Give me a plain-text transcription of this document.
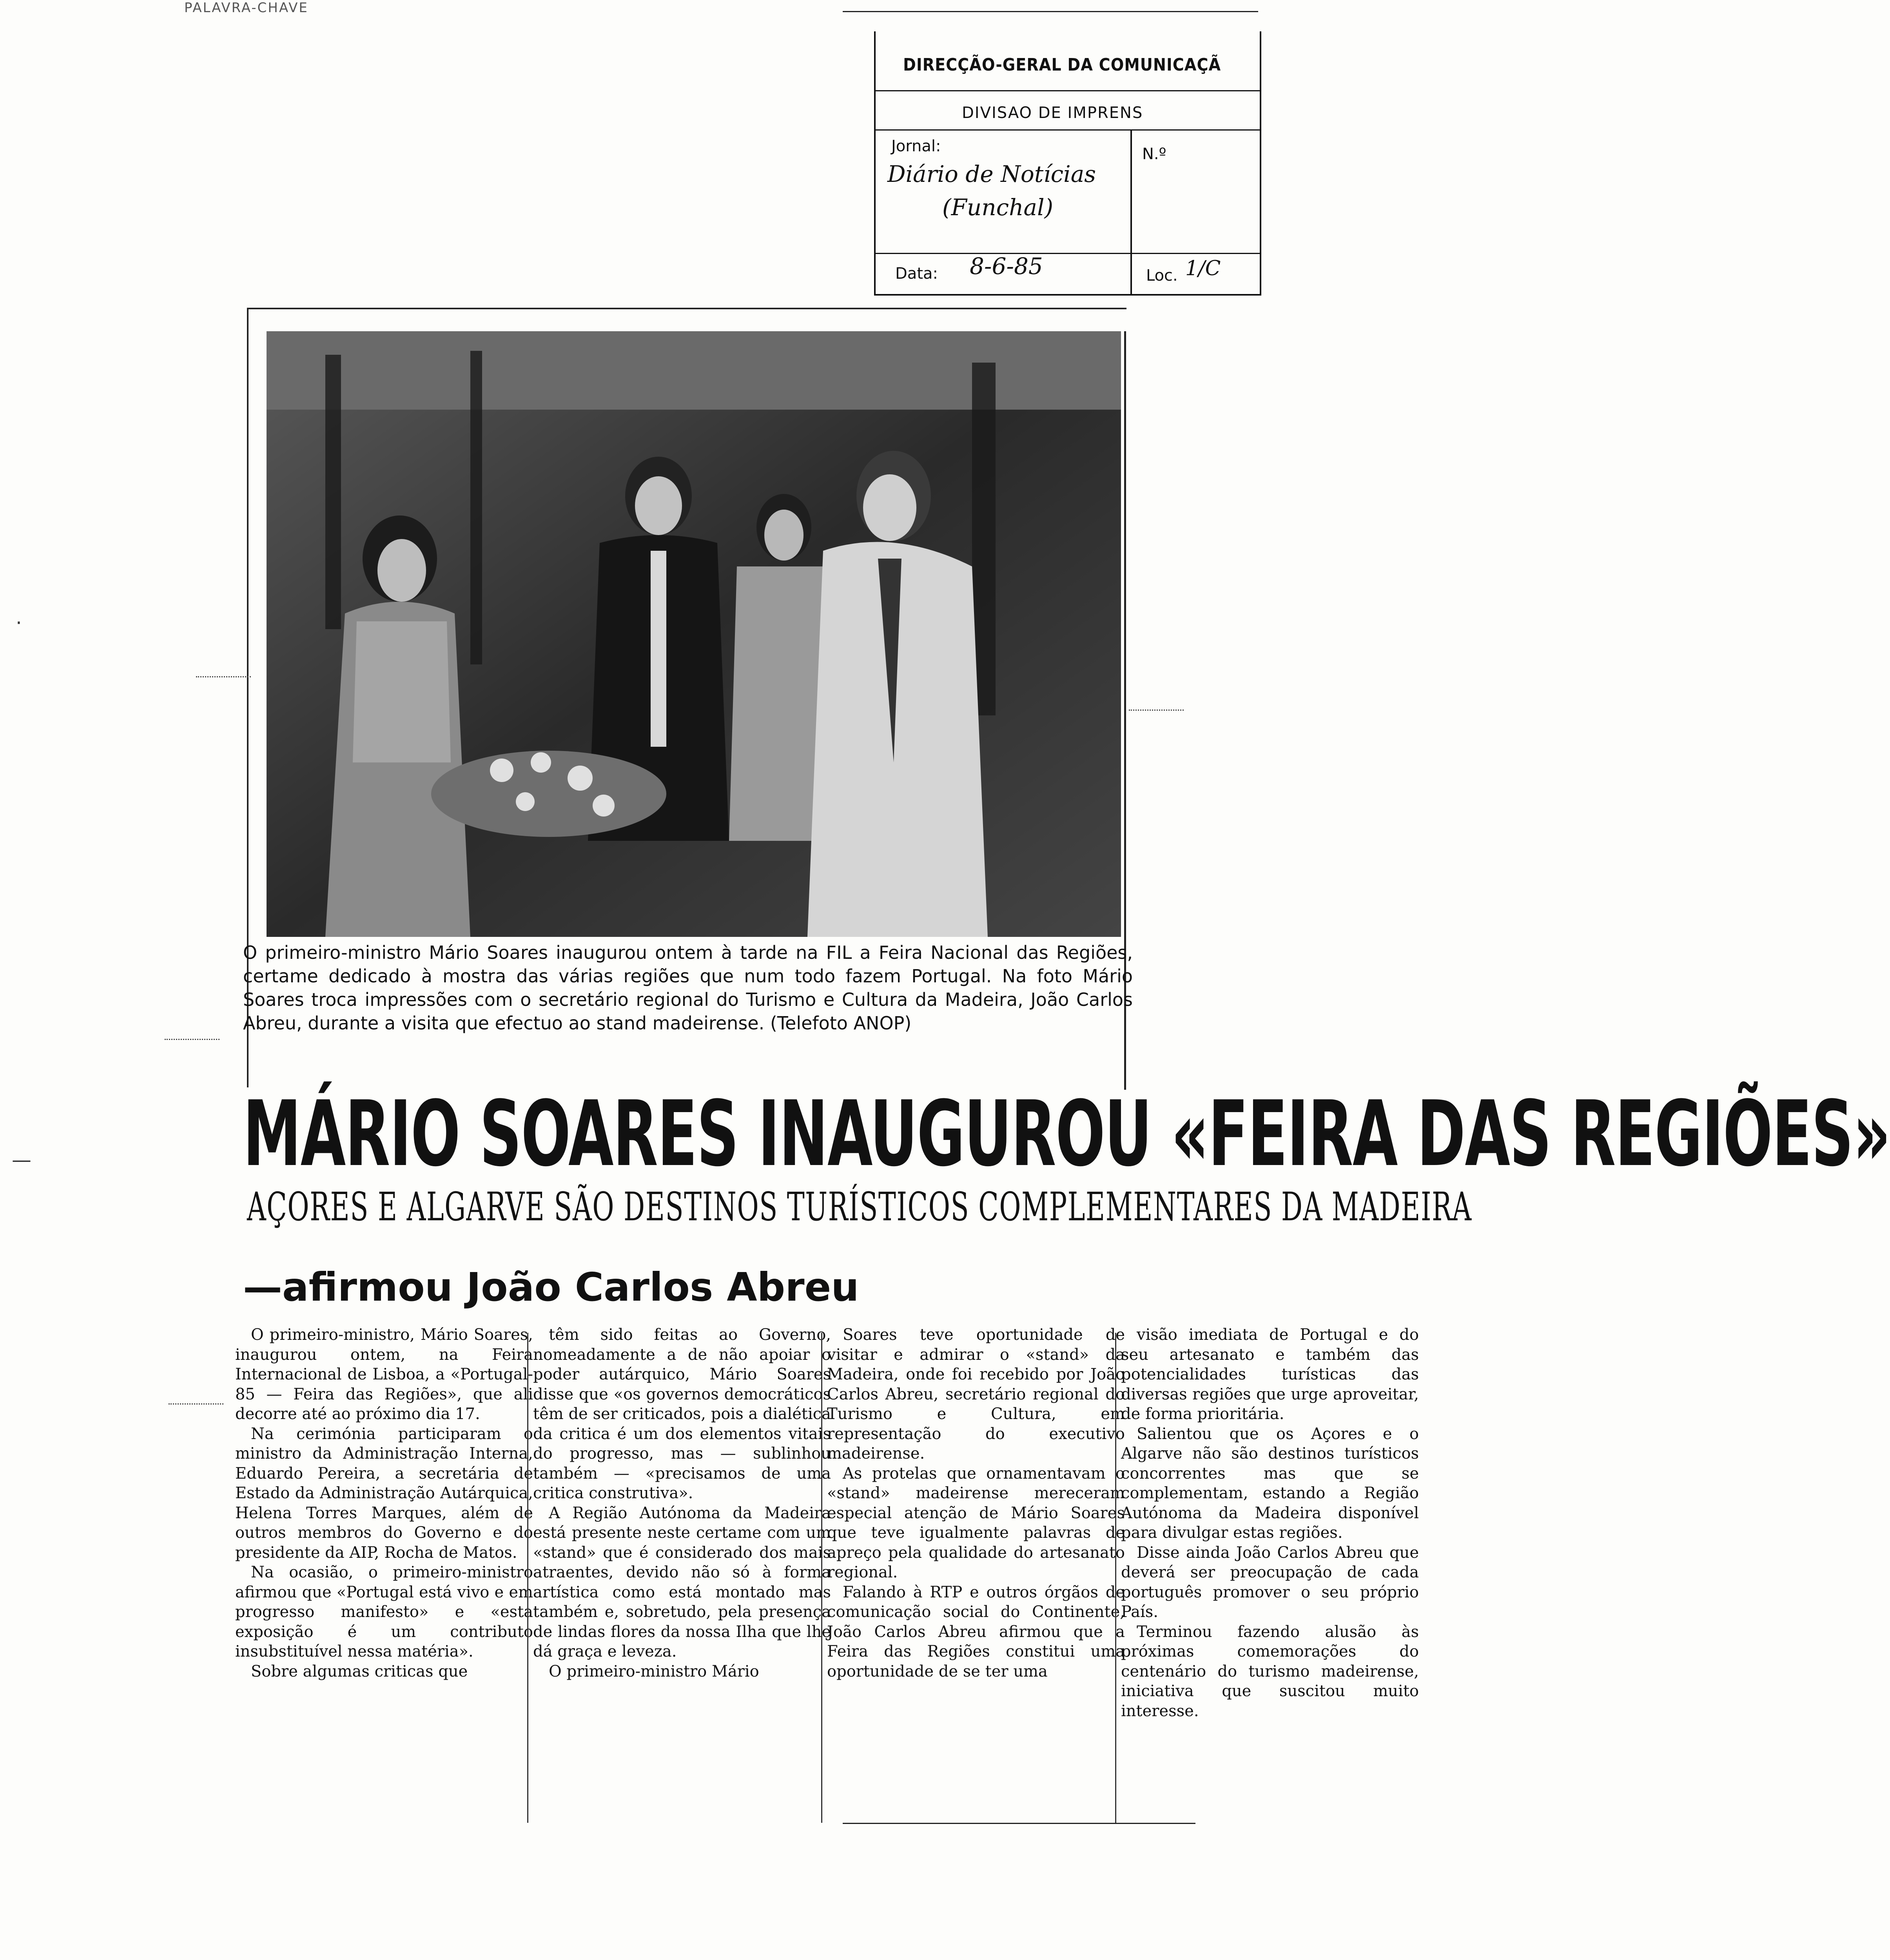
PALAVRA-CHAVE
DIRECÇÃO-GERAL DA COMUNICAÇÃ
DIVISAO DE IMPRENS
Jornal:
Diário de Notícias
(Funchal)
N.º
Data: 8-6-85	Loc. 1/C
O primeiro-ministro Mário Soares inaugurou ontem à tarde na FIL a Feira Nacional das Regiões, certame dedicado à mostra das várias regiões que num todo fazem Portugal. Na foto Mário Soares troca impressões com o secretário regional do Turismo e Cultura da Madeira, João Carlos Abreu, durante a visita que efectuo ao stand madeirense. (Telefoto ANOP)
MÁRIO SOARES INAUGUROU «FEIRA DAS REGIÕES»
AÇORES E ALGARVE SÃO DESTINOS TURÍSTICOS COMPLEMENTARES DA MADEIRA
—afirmou João Carlos Abreu

O primeiro-ministro, Mário Soares, inaugurou ontem, na Feira Internacional de Lisboa, a «Portugal-85 — Feira das Regiões», que ali decorre até ao próximo dia 17.

Na cerimónia participaram o ministro da Administração Interna, Eduardo Pereira, a secretária de Estado da Administração Autárquica, Helena Torres Marques, além de outros membros do Governo e do presidente da AIP, Rocha de Matos.

Na ocasião, o primeiro-ministro afirmou que «Portugal está vivo e em progresso manifesto» e «esta exposição é um contributo insubstituível nessa matéria».

Sobre algumas criticas que

têm sido feitas ao Governo, nomeadamente a de não apoiar o poder autárquico, Mário Soares disse que «os governos democráticos têm de ser criticados, pois a dialética da critica é um dos elementos vitais do progresso, mas — sublinhou também — «precisamos de uma critica construtiva».

A Região Autónoma da Madeira está presente neste certame com um «stand» que é considerado dos mais atraentes, devido não só à forma artística como está montado mas também e, sobretudo, pela presença de lindas flores da nossa Ilha que lhe dá graça e leveza.

O primeiro-ministro Mário

Soares teve oportunidade de visitar e admirar o «stand» da Madeira, onde foi recebido por João Carlos Abreu, secretário regional do Turismo e Cultura, em representação do executivo madeirense.

As protelas que ornamentavam o «stand» madeirense mereceram especial atenção de Mário Soares que teve igualmente palavras de apreço pela qualidade do artesanato regional.

Falando à RTP e outros órgãos de comunicação social do Continente, João Carlos Abreu afirmou que a Feira das Regiões constitui uma oportunidade de se ter uma

visão imediata de Portugal e do seu artesanato e também das potencialidades turísticas das diversas regiões que urge aproveitar, de forma prioritária.

Salientou que os Açores e o Algarve não são destinos turísticos concorrentes mas que se complementam, estando a Região Autónoma da Madeira disponível para divulgar estas regiões.

Disse ainda João Carlos Abreu que deverá ser preocupação de cada português promover o seu próprio País.

Terminou fazendo alusão às próximas comemorações do centenário do turismo madeirense, iniciativa que suscitou muito interesse.

⋅
—
